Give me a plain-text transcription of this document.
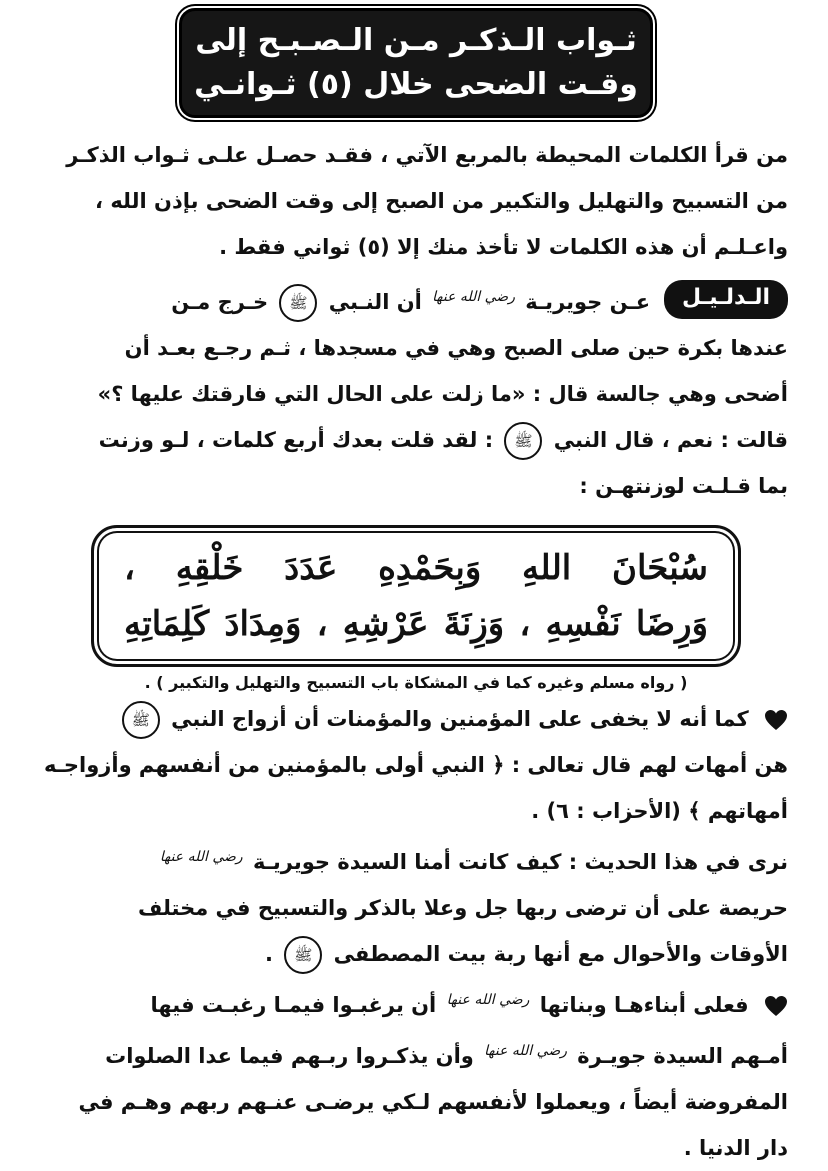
ثـواب الـذكـر مـن الـصـبـح إلى
وقـت الضحى خلال (٥) ثـوانـي

من قرأ الكلمات المحيطة بالمربع الآتي ، فقـد حصـل علـى ثـواب الذكـر

من التسبيح والتهليل والتكبير من الصبح إلى وقت الضحى بإذن الله ،

واعـلـم أن هذه الكلمات لا تأخذ منك إلا (٥) ثواني فقط .

الـدلـيـل
عـن جويريـة $^{رضي الله عنها}$ أن النـبي ﷺ خـرج مـن

عندها بكرة حين صلى الصبح وهي في مسجدها ، ثـم رجـع بعـد أن

أضحى وهي جالسة قال : «ما زلت على الحال التي فارقتك عليها ؟»

قالت : نعم ، قال النبي ﷺ : لقد قلت بعدك أربع كلمات ، لـو وزنت

بما قـلـت لوزنتهـن :

سُبْحَانَ اللهِ وَبِحَمْدِهِ عَدَدَ خَلْقِهِ ،
وَرِضَا نَفْسِهِ ، وَزِنَةَ عَرْشِهِ ، وَمِدَادَ كَلِمَاتِهِ
( رواه مسلم وغيره كما في المشكاة باب التسبيح والتهليل والتكبير ) .

كما أنه لا يخفى على المؤمنين والمؤمنات أن أزواج النبي ﷺ

هن أمهات لهم قال تعالى : ﴿ النبي أولى بالمؤمنين من أنفسهم وأزواجـه

أمهاتهم ﴾ (الأحزاب : ٦) .

نرى في هذا الحديث : كيف كانت أمنا السيدة جويريـة $^{رضي الله عنها}$

حريصة على أن ترضى ربها جل وعلا بالذكر والتسبيح في مختلف

الأوقات والأحوال مع أنها ربة بيت المصطفى ﷺ .

فعلى أبناءهـا وبناتها $^{رضي الله عنها}$ أن يرغبـوا فيمـا رغبـت فيها

أمـهم السيدة جويـرة $^{رضي الله عنها}$ وأن يذكـروا ربـهم فيما عدا الصلوات

المفروضة أيضاً ، ويعملوا لأنفسهم لـكي يرضـى عنـهم ربهم وهـم في

دار الدنيا .
